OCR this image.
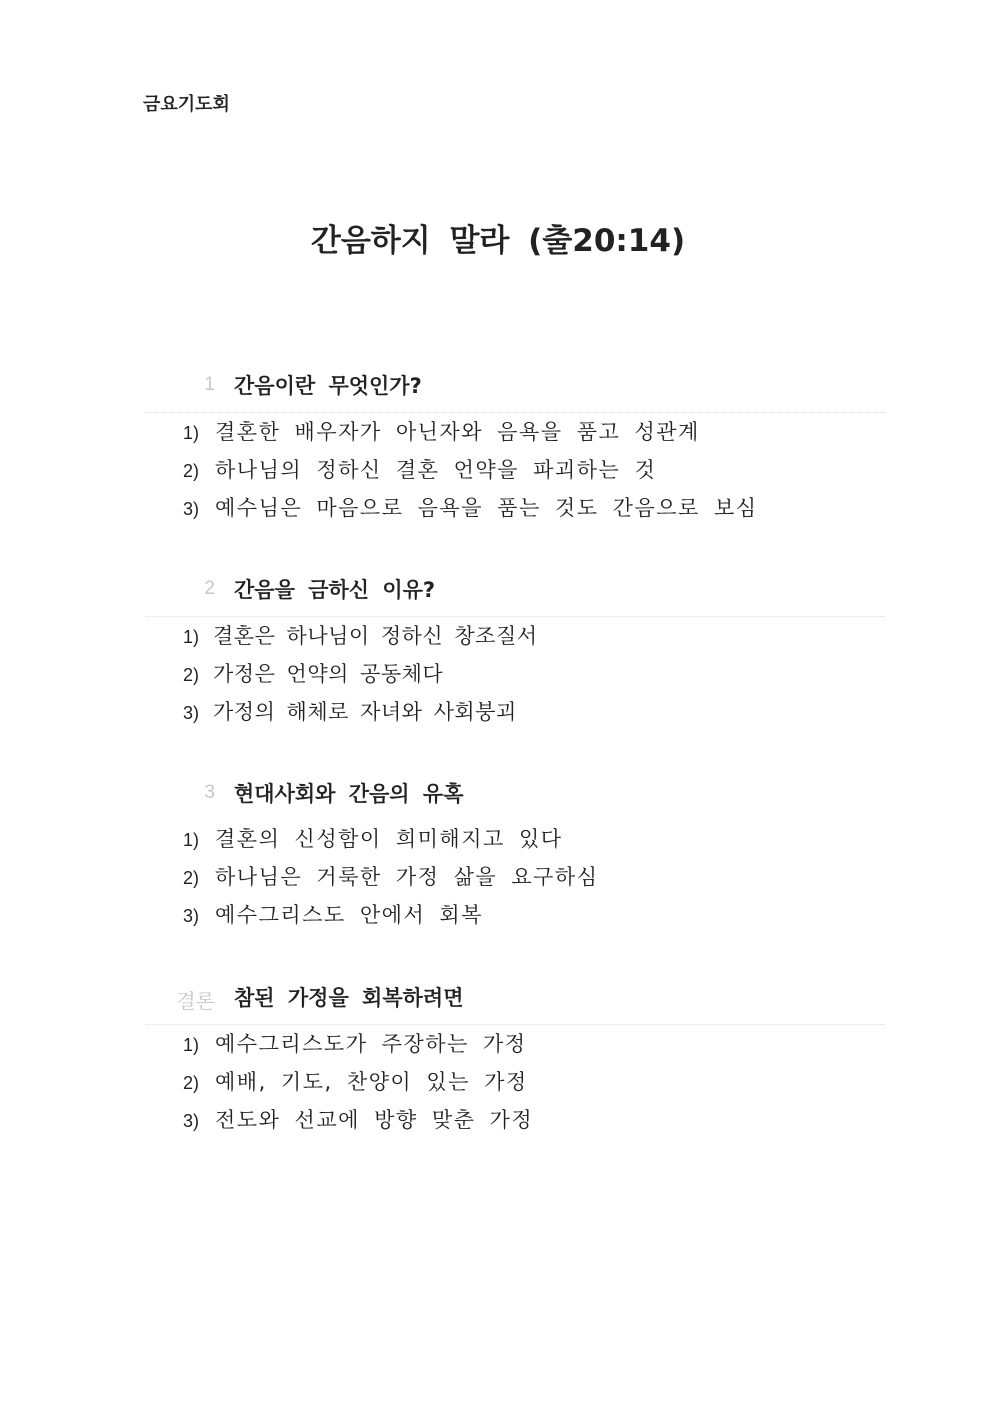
금요기도회
간음하지 말라 (출20:14)
1 간음이란 무엇인가?
1) 결혼한 배우자가 아닌자와 음욕을 품고 성관계
2) 하나님의 정하신 결혼 언약을 파괴하는 것
3) 예수님은 마음으로 음욕을 품는 것도 간음으로 보심
2 간음을 금하신 이유?
1) 결혼은 하나님이 정하신 창조질서
2) 가정은 언약의 공동체다
3) 가정의 해체로 자녀와 사회붕괴
3 현대사회와 간음의 유혹
1) 결혼의 신성함이 희미해지고 있다
2) 하나님은 거룩한 가정 삶을 요구하심
3) 예수그리스도 안에서 회복
결론 참된 가정을 회복하려면
1) 예수그리스도가 주장하는 가정
2) 예배, 기도, 찬양이 있는 가정
3) 전도와 선교에 방향 맞춘 가정
